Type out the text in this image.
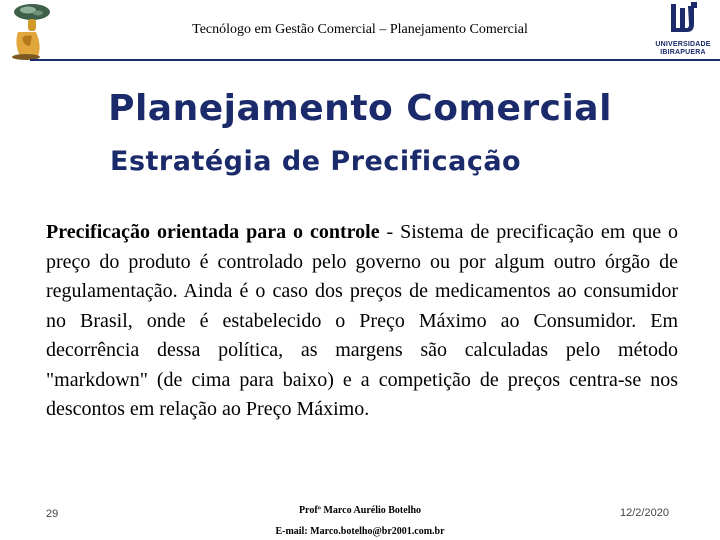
Tecnólogo em Gestão Comercial – Planejamento Comercial
UNIVERSIDADE
IBIRAPUERA
Planejamento Comercial
Estratégia de Precificação
Precificação orientada para o controle - Sistema de precificação em que o preço do produto é controlado pelo governo ou por algum outro órgão de regulamentação. Ainda é o caso dos preços de medicamentos ao consumidor no Brasil, onde é estabelecido o Preço Máximo ao Consumidor. Em decorrência dessa política, as margens são calculadas pelo método "markdown" (de cima para baixo) e a competição de preços centra-se nos descontos em relação ao Preço Máximo.
29	Profº Marco Aurélio Botelho
E-mail: Marco.botelho@br2001.com.br
12/2/2020
